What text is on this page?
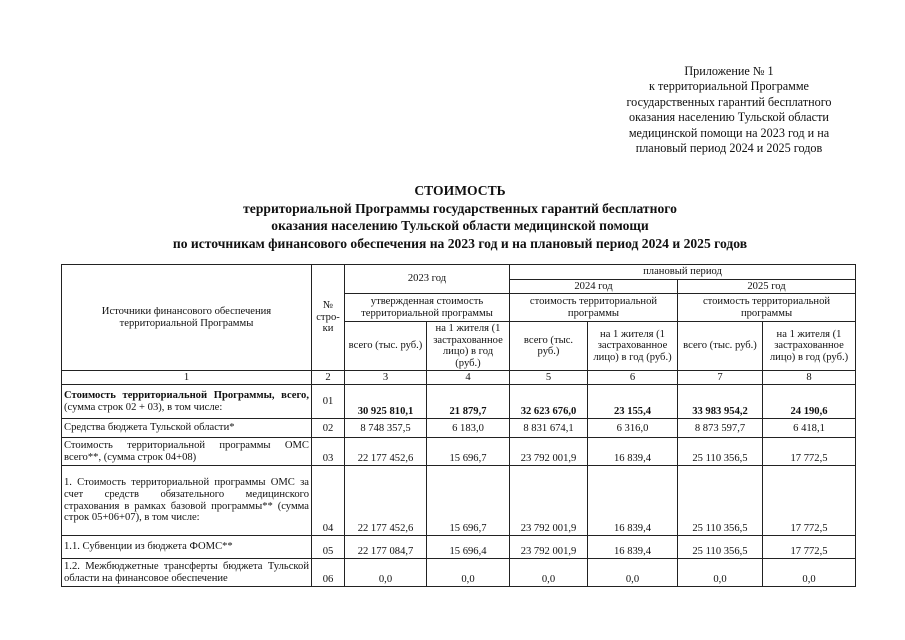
Приложение № 1
к территориальной Программе
государственных гарантий бесплатного
оказания населению Тульской области
медицинской помощи на 2023 год и на
плановый период 2024 и 2025 годов
СТОИМОСТЬ
территориальной Программы государственных гарантий бесплатного
оказания населению Тульской области медицинской помощи
по источникам финансового обеспечения на 2023 год и на плановый период 2024 и 2025 годов
Источники финансового обеспечения территориальной Программы	№ стро-ки	2023 год		плановый период			
				2024 год		2025 год	
		утвержденная стоимость территориальной программы		стоимость территориальной программы		стоимость территориальной программы	
		всего (тыс. руб.)	на 1 жителя (1 застрахованное лицо) в год (руб.)	всего (тыс. руб.)	на 1 жителя (1 застрахованное лицо) в год (руб.)	всего (тыс. руб.)	на 1 жителя (1 застрахованное лицо) в год (руб.)
1	2	3	4	5	6	7	8
Стоимость территориальной Программы, всего, (сумма строк 02 + 03), в том числе:	01	30 925 810,1	21 879,7	32 623 676,0	23 155,4	33 983 954,2	24 190,6
Средства бюджета Тульской области*	02	8 748 357,5	6 183,0	8 831 674,1	6 316,0	8 873 597,7	6 418,1
Стоимость территориальной программы ОМС всего**, (сумма строк 04+08)	03	22 177 452,6	15 696,7	23 792 001,9	16 839,4	25 110 356,5	17 772,5
1. Стоимость территориальной программы ОМС за счет средств обязательного медицинского страхования в рамках базовой программы** (сумма строк 05+06+07), в том числе:	04	22 177 452,6	15 696,7	23 792 001,9	16 839,4	25 110 356,5	17 772,5
1.1. Субвенции из бюджета ФОМС**	05	22 177 084,7	15 696,4	23 792 001,9	16 839,4	25 110 356,5	17 772,5
1.2. Межбюджетные трансферты бюджета Тульской области на финансовое обеспечение	06	0,0	0,0	0,0	0,0	0,0	0,0
